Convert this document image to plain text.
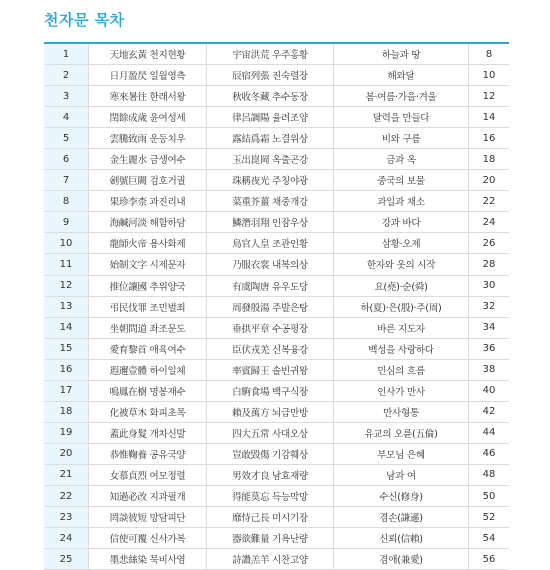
천자문 목차
1	天地玄黃 천지현황	宇宙洪荒 우주홍황	하늘과 땅	8
2	日月盈昃 일월영측	辰宿列張 진숙렬장	해와달	10
3	寒來暑往 한래서왕	秋收冬藏 추수동장	봄·여름·가을·겨울	12
4	閏餘成歲 윤여성세	律呂調陽 율려조양	달력을 만들다	14
5	雲騰致雨 운등치우	露結爲霜 노결위상	비와 구름	16
6	金生麗水 금생여수	玉出崑岡 옥출곤강	금과 옥	18
7	劍號巨闕 검호거궐	珠稱夜光 주칭야광	중국의 보물	20
8	果珍李柰 과진리내	菜重芥薑 채중개강	과일과 채소	22
9	海鹹河淡 해함하담	鱗潛羽翔 인잠우상	강과 바다	24
10	龍師火帝 용사화제	鳥官人皇 조관인황	삼황·오제	26
11	始制文字 시제문자	乃服衣裳 내복의상	한자와 옷의 시작	28
12	推位讓國 추위양국	有虞陶唐 유우도당	요(堯)·순(舜)	30
13	弔民伐罪 조민벌죄	周發殷湯 주발은탕	하(夏)·은(殷)·주(周)	32
14	坐朝問道 좌조문도	垂拱平章 수공평장	바른 지도자	34
15	愛育黎首 애육여수	臣伏戎羌 신복융강	백성을 사랑하다	36
16	遐邇壹體 하이일체	率賓歸王 솔빈귀왕	민심의 흐름	38
17	鳴鳳在樹 명봉재수	白駒食場 백구식장	인사가 만사	40
18	化被草木 화피초목	賴及萬方 뇌급만방	만사형통	42
19	蓋此身髮 개차신발	四大五常 사대오상	유교의 오륜(五倫)	44
20	恭惟鞠養 공유국양	豈敢毁傷 기감훼상	부모님 은혜	46
21	女慕貞烈 여모정렬	男效才良 남효재량	남과 여	48
22	知過必改 지과필개	得能莫忘 득능막망	수신(修身)	50
23	罔談彼短 망담피단	靡恃己長 미시기장	겸손(謙遜)	52
24	信使可覆 신사가복	器欲難量 기욕난량	신뢰(信賴)	54
25	墨悲絲染 묵비사염	詩讚羔羊 시찬고양	겸애(兼愛)	56
